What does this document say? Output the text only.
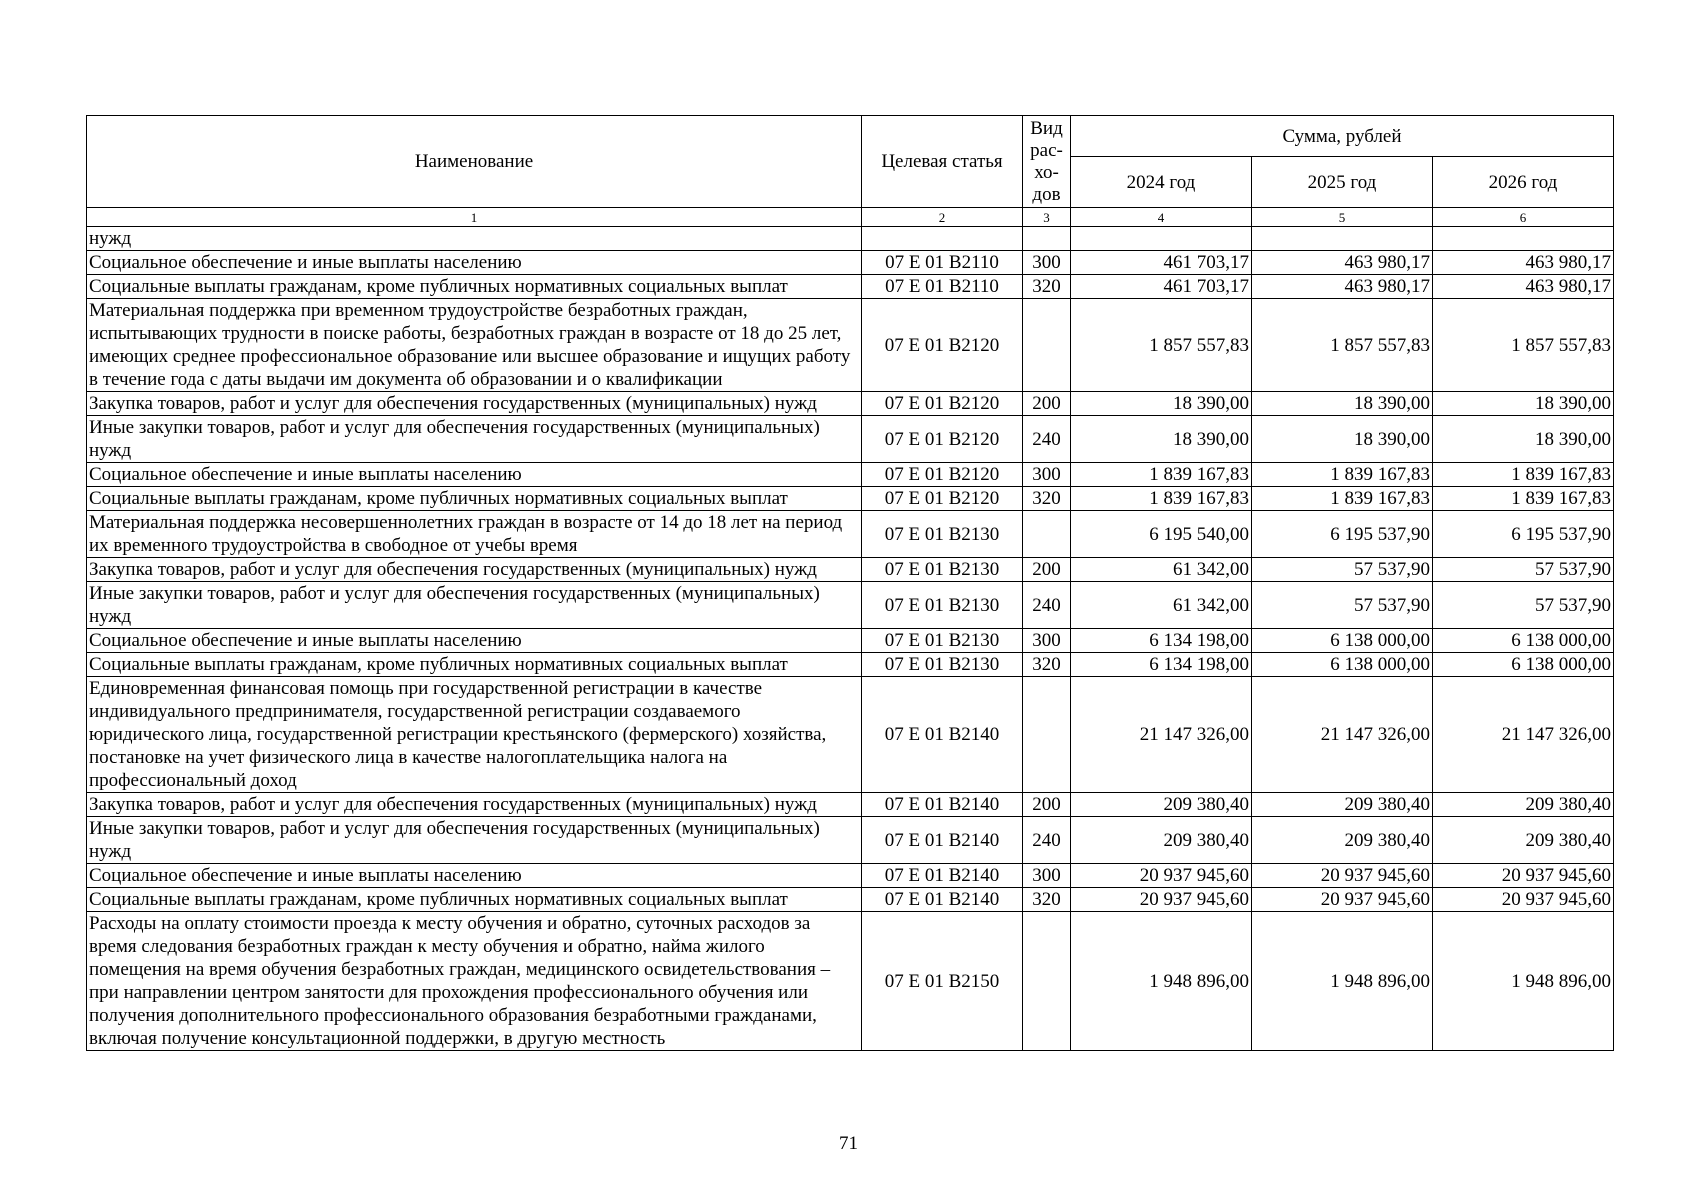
Наименование	Целевая статья	Вид рас-хо-дов	Сумма, рублей		
			2024 год	2025 год	2026 год
1	2	3	4	5	6
нужд					
Социальное обеспечение и иные выплаты населению	07 Е 01 В2110	300	461 703,17	463 980,17	463 980,17
Социальные выплаты гражданам, кроме публичных нормативных социальных выплат	07 Е 01 В2110	320	461 703,17	463 980,17	463 980,17
Материальная поддержка при временном трудоустройстве безработных граждан, испытывающих трудности в поиске работы, безработных граждан в возрасте от 18 до 25 лет, имеющих среднее профессиональное образование или высшее образование и ищущих работу в течение года с даты выдачи им документа об образовании и о квалификации	07 Е 01 В2120		1 857 557,83	1 857 557,83	1 857 557,83
Закупка товаров, работ и услуг для обеспечения государственных (муниципальных) нужд	07 Е 01 В2120	200	18 390,00	18 390,00	18 390,00
Иные закупки товаров, работ и услуг для обеспечения государственных (муниципальных) нужд	07 Е 01 В2120	240	18 390,00	18 390,00	18 390,00
Социальное обеспечение и иные выплаты населению	07 Е 01 В2120	300	1 839 167,83	1 839 167,83	1 839 167,83
Социальные выплаты гражданам, кроме публичных нормативных социальных выплат	07 Е 01 В2120	320	1 839 167,83	1 839 167,83	1 839 167,83
Материальная поддержка несовершеннолетних граждан в возрасте от 14 до 18 лет на период их временного трудоустройства в свободное от учебы время	07 Е 01 В2130		6 195 540,00	6 195 537,90	6 195 537,90
Закупка товаров, работ и услуг для обеспечения государственных (муниципальных) нужд	07 Е 01 В2130	200	61 342,00	57 537,90	57 537,90
Иные закупки товаров, работ и услуг для обеспечения государственных (муниципальных) нужд	07 Е 01 В2130	240	61 342,00	57 537,90	57 537,90
Социальное обеспечение и иные выплаты населению	07 Е 01 В2130	300	6 134 198,00	6 138 000,00	6 138 000,00
Социальные выплаты гражданам, кроме публичных нормативных социальных выплат	07 Е 01 В2130	320	6 134 198,00	6 138 000,00	6 138 000,00
Единовременная финансовая помощь при государственной регистрации в качестве индивидуального предпринимателя, государственной регистрации создаваемого юридического лица, государственной регистрации крестьянского (фермерского) хозяйства, постановке на учет физического лица в качестве налогоплательщика налога на профессиональный доход	07 Е 01 В2140		21 147 326,00	21 147 326,00	21 147 326,00
Закупка товаров, работ и услуг для обеспечения государственных (муниципальных) нужд	07 Е 01 В2140	200	209 380,40	209 380,40	209 380,40
Иные закупки товаров, работ и услуг для обеспечения государственных (муниципальных) нужд	07 Е 01 В2140	240	209 380,40	209 380,40	209 380,40
Социальное обеспечение и иные выплаты населению	07 Е 01 В2140	300	20 937 945,60	20 937 945,60	20 937 945,60
Социальные выплаты гражданам, кроме публичных нормативных социальных выплат	07 Е 01 В2140	320	20 937 945,60	20 937 945,60	20 937 945,60
Расходы на оплату стоимости проезда к месту обучения и обратно, суточных расходов за время следования безработных граждан к месту обучения и обратно, найма жилого помещения на время обучения безработных граждан, медицинского освидетельствования – при направлении центром занятости для прохождения профессионального обучения или получения дополнительного профессионального образования безработными гражданами, включая получение консультационной поддержки, в другую местность	07 Е 01 В2150		1 948 896,00	1 948 896,00	1 948 896,00
71
